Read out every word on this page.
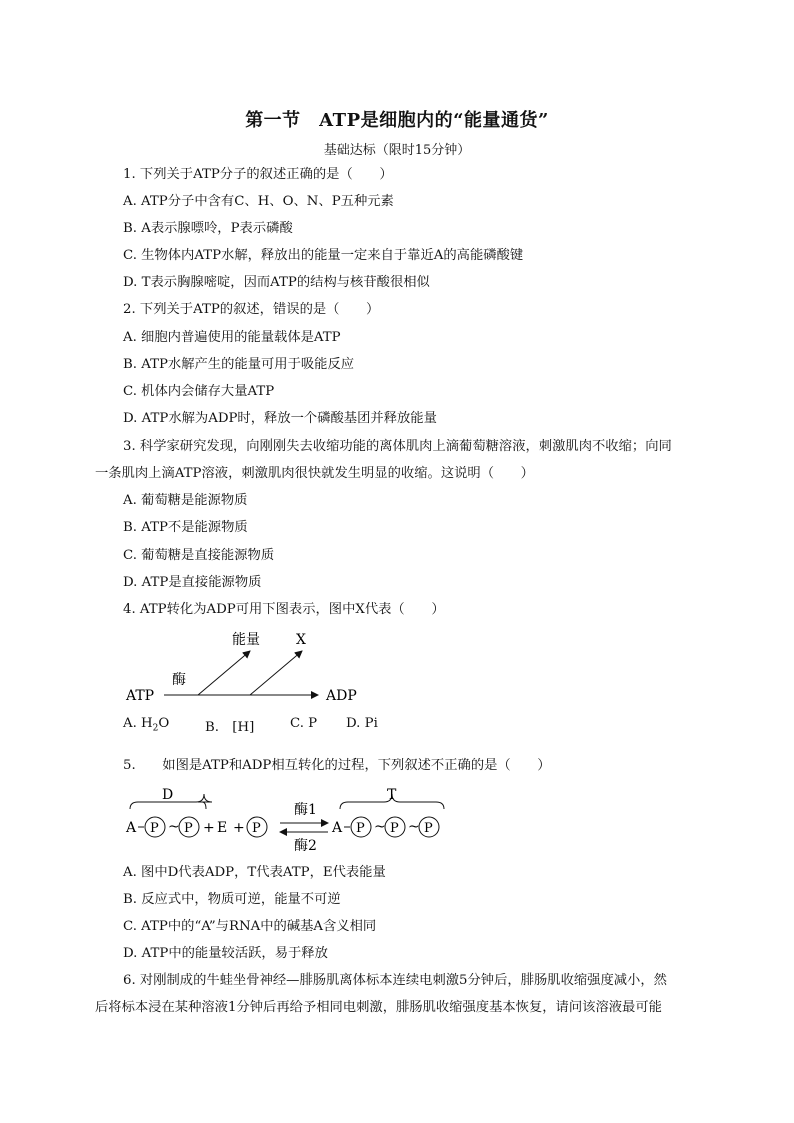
第一节　ATP是细胞内的“能量通货”
基础达标（限时15分钟）
1. 下列关于ATP分子的叙述正确的是（　　）
A. ATP分子中含有C、H、O、N、P五种元素
B. A表示腺嘌呤，P表示磷酸
C. 生物体内ATP水解，释放出的能量一定来自于靠近A的高能磷酸键
D. T表示胸腺嘧啶，因而ATP的结构与核苷酸很相似
2. 下列关于ATP的叙述，错误的是（　　）
A. 细胞内普遍使用的能量载体是ATP
B. ATP水解产生的能量可用于吸能反应
C. 机体内会储存大量ATP
D. ATP水解为ADP时，释放一个磷酸基团并释放能量
3. 科学家研究发现，向刚刚失去收缩功能的离体肌肉上滴葡萄糖溶液，刺激肌肉不收缩；向同
一条肌肉上滴ATP溶液，刺激肌肉很快就发生明显的收缩。这说明（　　）
A. 葡萄糖是能源物质
B. ATP不是能源物质
C. 葡萄糖是直接能源物质
D. ATP是直接能源物质
4. ATP转化为ADP可用下图表示，图中X代表（　　）
ATP	ADP
酶
能量	X
A. $H_2O$	B.　[H]	C. P D. Pi
5.　　如图是ATP和ADP相互转化的过程，下列叙述不正确的是（　　）
D
A P ~ P + E + P
酶1
酶2
T
A P ~ P ~ P
A. 图中D代表ADP，T代表ATP，E代表能量
B. 反应式中，物质可逆，能量不可逆
C. ATP中的“A”与RNA中的碱基A含义相同
D. ATP中的能量较活跃，易于释放
6. 对刚制成的牛蛙坐骨神经—腓肠肌离体标本连续电刺激5分钟后，腓肠肌收缩强度减小，然
后将标本浸在某种溶液1分钟后再给予相同电刺激，腓肠肌收缩强度基本恢复，请问该溶液最可能
